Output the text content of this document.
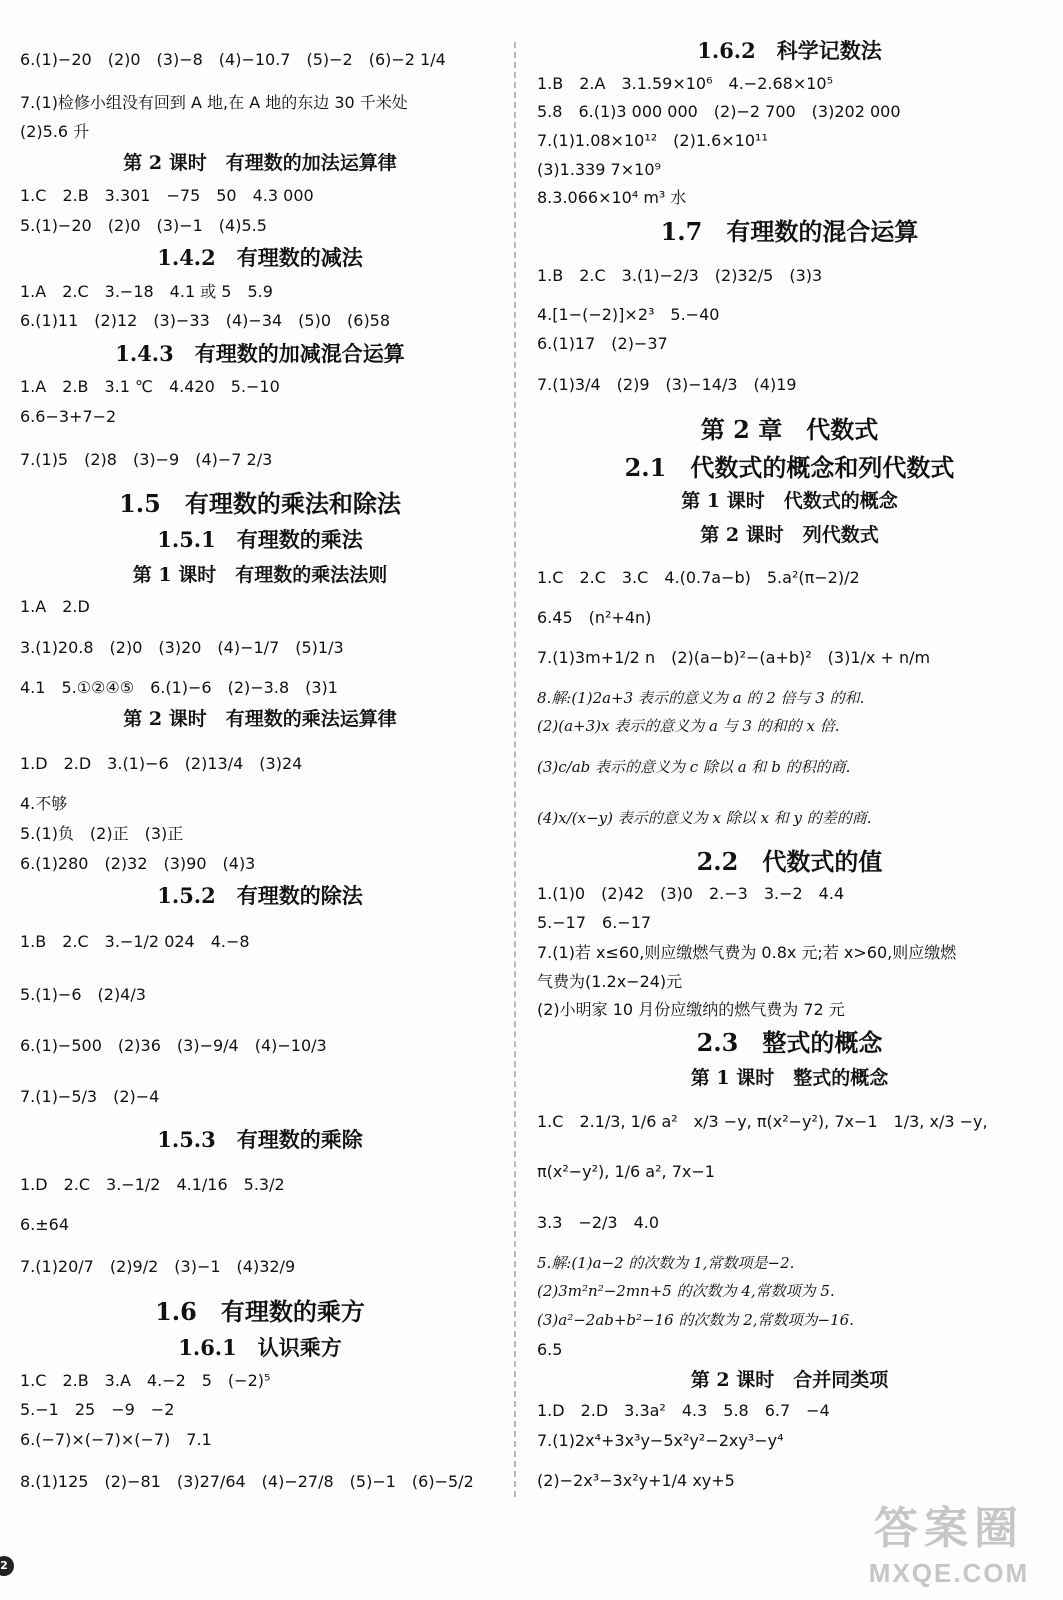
6.(1)−20　(2)0　(3)−8　(4)−10.7　(5)−2　(6)−2 1/4
7.(1)检修小组没有回到 A 地,在 A 地的东边 30 千米处
(2)5.6 升
第 2 课时　有理数的加法运算律
1.C　2.B　3.301　−75　50　4.3 000
5.(1)−20　(2)0　(3)−1　(4)5.5
1.4.2　有理数的减法
1.A　2.C　3.−18　4.1 或 5　5.9
6.(1)11　(2)12　(3)−33　(4)−34　(5)0　(6)58
1.4.3　有理数的加减混合运算
1.A　2.B　3.1 ℃　4.420　5.−10
6.6−3+7−2
7.(1)5　(2)8　(3)−9　(4)−7 2/3
1.5　有理数的乘法和除法
1.5.1　有理数的乘法
第 1 课时　有理数的乘法法则
1.A　2.D
3.(1)20.8　(2)0　(3)20　(4)−1/7　(5)1/3
4.1　5.①②④⑤　6.(1)−6　(2)−3.8　(3)1
第 2 课时　有理数的乘法运算律
1.D　2.D　3.(1)−6　(2)13/4　(3)24
4.不够
5.(1)负　(2)正　(3)正
6.(1)280　(2)32　(3)90　(4)3
1.5.2　有理数的除法
1.B　2.C　3.−1/2 024　4.−8
5.(1)−6　(2)4/3
6.(1)−500　(2)36　(3)−9/4　(4)−10/3
7.(1)−5/3　(2)−4
1.5.3　有理数的乘除
1.D　2.C　3.−1/2　4.1/16　5.3/2
6.±64
7.(1)20/7　(2)9/2　(3)−1　(4)32/9
1.6　有理数的乘方
1.6.1　认识乘方
1.C　2.B　3.A　4.−2　5　(−2)⁵
5.−1　25　−9　−2
6.(−7)×(−7)×(−7)　7.1
8.(1)125　(2)−81　(3)27/64　(4)−27/8　(5)−1　(6)−5/2
1.6.2　科学记数法
1.B　2.A　3.1.59×10⁶　4.−2.68×10⁵
5.8　6.(1)3 000 000　(2)−2 700　(3)202 000
7.(1)1.08×10¹²　(2)1.6×10¹¹
(3)1.339 7×10⁹
8.3.066×10⁴ m³ 水
1.7　有理数的混合运算
1.B　2.C　3.(1)−2/3　(2)32/5　(3)3
4.[1−(−2)]×2³　5.−40
6.(1)17　(2)−37
7.(1)3/4　(2)9　(3)−14/3　(4)19
第 2 章　代数式
2.1　代数式的概念和列代数式
第 1 课时　代数式的概念
第 2 课时　列代数式
1.C　2.C　3.C　4.(0.7a−b)　5.a²(π−2)/2
6.45　(n²+4n)
7.(1)3m+1/2 n　(2)(a−b)²−(a+b)²　(3)1/x + n/m
8.解:(1)2a+3 表示的意义为 a 的 2 倍与 3 的和.
(2)(a+3)x 表示的意义为 a 与 3 的和的 x 倍.
(3)c/ab 表示的意义为 c 除以 a 和 b 的积的商.
(4)x/(x−y) 表示的意义为 x 除以 x 和 y 的差的商.
2.2　代数式的值
1.(1)0　(2)42　(3)0　2.−3　3.−2　4.4
5.−17　6.−17
7.(1)若 x≤60,则应缴燃气费为 0.8x 元;若 x>60,则应缴燃
气费为(1.2x−24)元
(2)小明家 10 月份应缴纳的燃气费为 72 元
2.3　整式的概念
第 1 课时　整式的概念
1.C　2.1/3, 1/6 a²　x/3 −y, π(x²−y²), 7x−1　1/3, x/3 −y,
π(x²−y²), 1/6 a², 7x−1
3.3　−2/3　4.0
5.解:(1)a−2 的次数为 1,常数项是−2.
(2)3m²n²−2mn+5 的次数为 4,常数项为 5.
(3)a²−2ab+b²−16 的次数为 2,常数项为−16.
6.5
第 2 课时　合并同类项
1.D　2.D　3.3a²　4.3　5.8　6.7　−4
7.(1)2x⁴+3x³y−5x²y²−2xy³−y⁴
(2)−2x³−3x²y+1/4 xy+5
2
答案圈
MXQE.COM
